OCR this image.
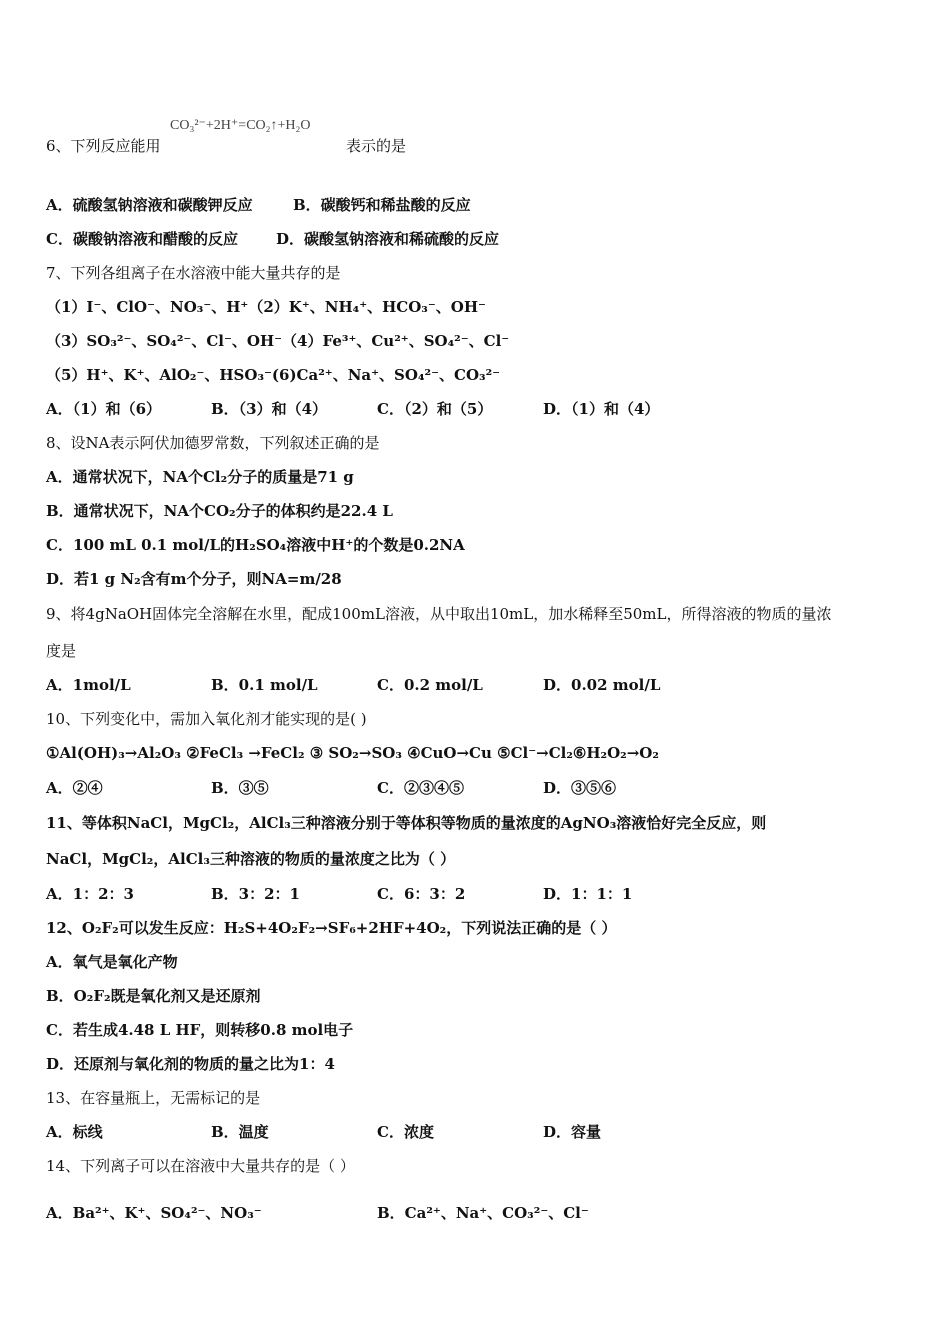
CO₃²⁻+2H⁺=CO₂↑+H₂O
6、下列反应能用	表示的是
A．硫酸氢钠溶液和碳酸钾反应	B．碳酸钙和稀盐酸的反应
C．碳酸钠溶液和醋酸的反应	D．碳酸氢钠溶液和稀硫酸的反应
7、下列各组离子在水溶液中能大量共存的是
（1）I⁻、ClO⁻、NO₃⁻、H⁺（2）K⁺、NH₄⁺、HCO₃⁻、OH⁻
（3）SO₃²⁻、SO₄²⁻、Cl⁻、OH⁻（4）Fe³⁺、Cu²⁺、SO₄²⁻、Cl⁻
（5）H⁺、K⁺、AlO₂⁻、HSO₃⁻(6)Ca²⁺、Na⁺、SO₄²⁻、CO₃²⁻
A．（1）和（6）	B．（3）和（4）	C．（2）和（5）	D．（1）和（4）
8、设NA表示阿伏加德罗常数，下列叙述正确的是
A．通常状况下，NA个Cl₂分子的质量是71 g
B．通常状况下，NA个CO₂分子的体积约是22.4 L
C．100 mL 0.1 mol/L的H₂SO₄溶液中H⁺的个数是0.2NA
D．若1 g N₂含有m个分子，则NA=m/28
9、将4gNaOH固体完全溶解在水里，配成100mL溶液，从中取出10mL，加水稀释至50mL，所得溶液的物质的量浓
度是
A．1mol/L	B．0.1 mol/L	C．0.2 mol/L	D．0.02 mol/L
10、下列变化中，需加入氧化剂才能实现的是( )
①Al(OH)₃→Al₂O₃ ②FeCl₃ →FeCl₂ ③ SO₂→SO₃ ④CuO→Cu ⑤Cl⁻→Cl₂⑥H₂O₂→O₂
A．②④	B．③⑤	C．②③④⑤	D．③⑤⑥
11、等体积NaCl，MgCl₂，AlCl₃三种溶液分别于等体积等物质的量浓度的AgNO₃溶液恰好完全反应，则
NaCl，MgCl₂，AlCl₃三种溶液的物质的量浓度之比为（ ）
A．1：2：3	B．3：2：1	C．6：3：2	D．1：1：1
12、O₂F₂可以发生反应：H₂S+4O₂F₂→SF₆+2HF+4O₂，下列说法正确的是（ ）
A．氧气是氧化产物
B．O₂F₂既是氧化剂又是还原剂
C．若生成4.48 L HF，则转移0.8 mol电子
D．还原剂与氧化剂的物质的量之比为1：4
13、在容量瓶上，无需标记的是
A．标线	B．温度	C．浓度	D．容量
14、下列离子可以在溶液中大量共存的是（ ）
A．Ba²⁺、K⁺、SO₄²⁻、NO₃⁻	B．Ca²⁺、Na⁺、CO₃²⁻、Cl⁻
